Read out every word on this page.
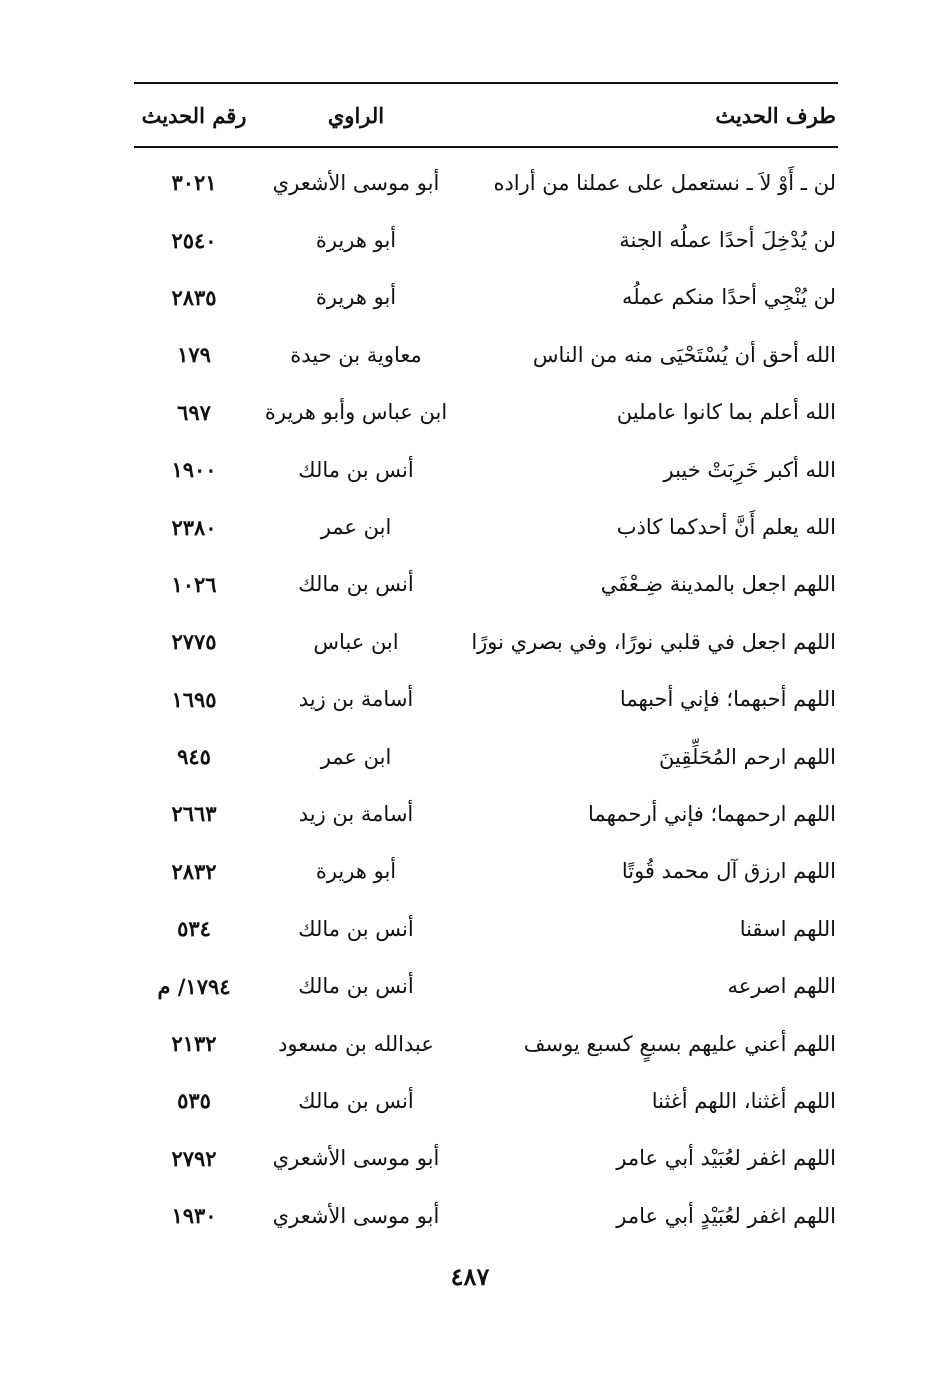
طرف الحديث
الراوي
رقم الحديث
لن ـ أَوْ لاَ ـ نستعمل على عملنا من أراده
أبو موسى الأشعري
٣٠٢١
لن يُدْخِلَ أحدًا عملُه الجنة
أبو هريرة
٢٥٤٠
لن يُنْجِي أحدًا منكم عملُه
أبو هريرة
٢٨٣٥
الله أحق أن يُسْتَحْيَى منه من الناس
معاوية بن حيدة
١٧٩
الله أعلم بما كانوا عاملين
ابن عباس وأبو هريرة
٦٩٧
الله أكبر خَرِبَتْ خيبر
أنس بن مالك
١٩٠٠
الله يعلم أَنَّ أحدكما كاذب
ابن عمر
٢٣٨٠
اللهم اجعل بالمدينة ضِـعْفَي
أنس بن مالك
١٠٢٦
اللهم اجعل في قلبي نورًا، وفي بصري نورًا
ابن عباس
٢٧٧٥
اللهم أحبهما؛ فإني أحبهما
أسامة بن زيد
١٦٩٥
اللهم ارحم المُحَلِّقِينَ
ابن عمر
٩٤٥
اللهم ارحمهما؛ فإني أرحمهما
أسامة بن زيد
٢٦٦٣
اللهم ارزق آل محمد قُوتًا
أبو هريرة
٢٨٣٢
اللهم اسقنا
أنس بن مالك
٥٣٤
اللهم اصرعه
أنس بن مالك
١٧٩٤/ م
اللهم أعني عليهم بسبعٍ كسبع يوسف
عبدالله بن مسعود
٢١٣٢
اللهم أغثنا، اللهم أغثنا
أنس بن مالك
٥٣٥
اللهم اغفر لعُبَيْد أبي عامر
أبو موسى الأشعري
٢٧٩٢
اللهم اغفر لعُبَيْدٍ أبي عامر
أبو موسى الأشعري
١٩٣٠
٤٨٧
